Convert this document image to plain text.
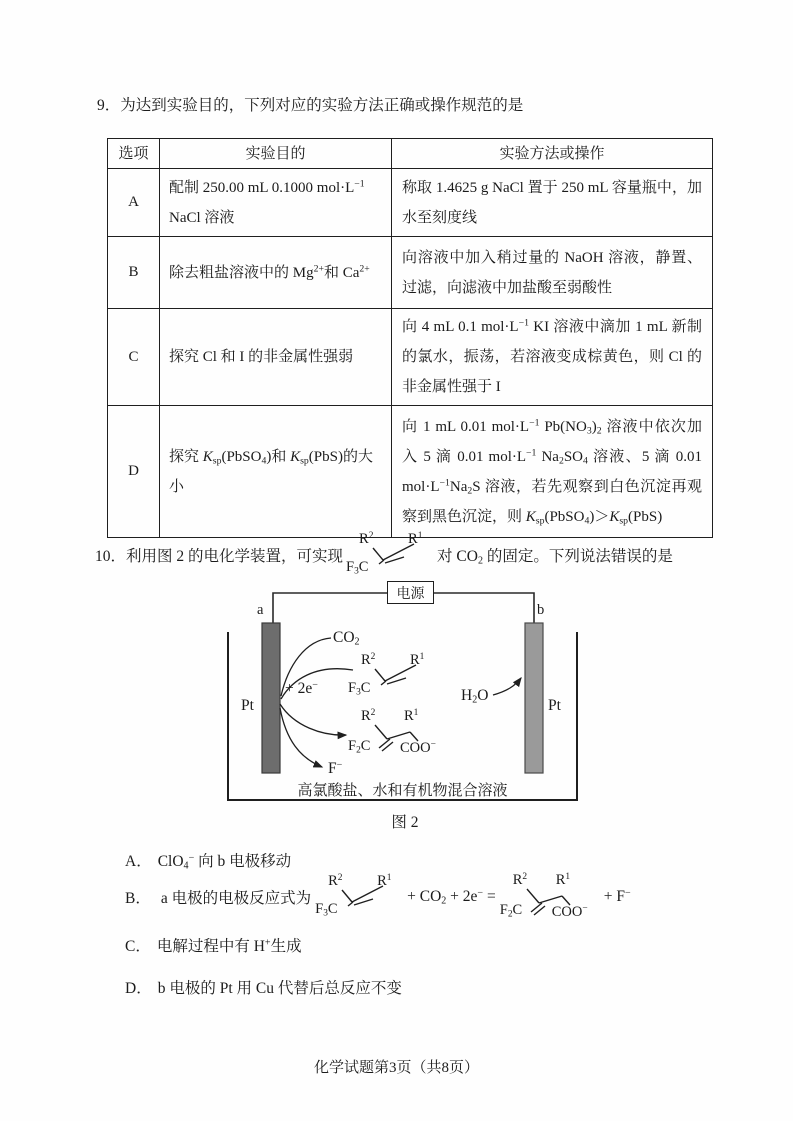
9．为达到实验目的，下列对应的实验方法正确或操作规范的是
选项	实验目的	实验方法或操作
A	配制 250.00 mL 0.1000 $mol\cdot L^{-1}$ NaCl 溶液	称取 1.4625 g NaCl 置于 250 mL 容量瓶中，加水至刻度线
B	除去粗盐溶液中的 $Mg^{2+}$和 $Ca^{2+}$	向溶液中加入稍过量的 NaOH 溶液，静置、过滤，向滤液中加盐酸至弱酸性
C	探究 Cl 和 I 的非金属性强弱	向 4 mL 0.1 $mol\cdot L^{-1}$ KI 溶液中滴加 1 mL 新制的氯水，振荡，若溶液变成棕黄色，则 Cl 的非金属性强于 I
D	探究 $K_{sp}(PbSO_4)$和 $K_{sp}(PbS)$的大小	向 1 mL 0.01 $mol\cdot L^{-1}$ $Pb(NO_3)_2$ 溶液中依次加入 5 滴 0.01 $mol\cdot L^{-1}$ $Na_2SO_4$ 溶液、5 滴 0.01 $mol\cdot L^{-1}Na_2S$ 溶液，若先观察到白色沉淀再观察到黑色沉淀，则 $K_{sp}(PbSO_4)>K_{sp}(PbS)$
10．利用图 2 的电化学装置，可实现
$R^2$ $R^1$
$F_3C$
对 $CO_2$ 的固定。下列说法错误的是
电源
a	b
Pt	Pt
$CO_2$
+ 2e−
F−
$H_2O$
$R^2$ $R^1$
$F_3C$
$R^2$ $R^1$
$F_2C$ COO−
高氯酸盐、水和有机物混合溶液
图 2
A． ClO$_4$− 向 b 电极移动
B． a 电极的电极反应式为
$R^2$ $R^1$
$F_3C$
+ $CO_2 + 2e^-$ =
$R^2$ $R^1$
$F_2C$ COO−
+ F−
C． 电解过程中有 H+生成
D． b 电极的 Pt 用 Cu 代替后总反应不变
化学试题第3页（共8页）
